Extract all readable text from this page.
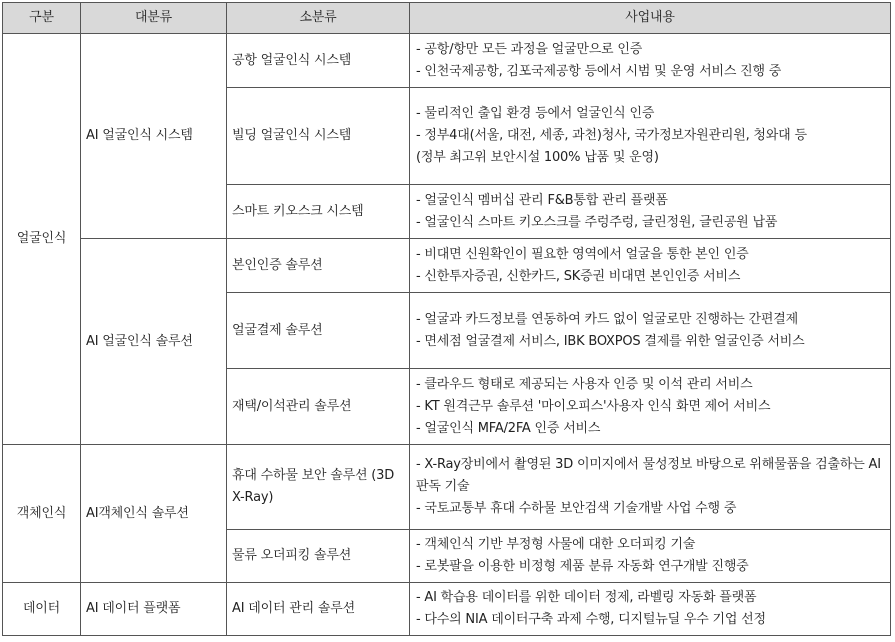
구분	대분류	소분류	사업내용
얼굴인식	AI 얼굴인식 시스템	공항 얼굴인식 시스템	- 공항/항만 모든 과정을 얼굴만으로 인증
- 인천국제공항, 김포국제공항 등에서 시범 및 운영 서비스 진행 중

		빌딩 얼굴인식 시스템	- 물리적인 출입 환경 등에서 얼굴인식 인증
- 정부4대(서울, 대전, 세종, 과천)청사, 국가정보자원관리원, 청와대 등
(정부 최고위 보안시설 100% 납품 및 운영)

		스마트 키오스크 시스템	- 얼굴인식 멤버십 관리 F&B통합 관리 플랫폼
- 얼굴인식 스마트 키오스크를 주렁주렁, 글린정원, 글린공원 납품

	AI 얼굴인식 솔루션	본인인증 솔루션	- 비대면 신원확인이 필요한 영역에서 얼굴을 통한 본인 인증
- 신한투자증권, 신한카드, SK증권 비대면 본인인증 서비스

		얼굴결제 솔루션	- 얼굴과 카드정보를 연동하여 카드 없이 얼굴로만 진행하는 간편결제
- 면세점 얼굴결제 서비스, IBK BOXPOS 결제를 위한 얼굴인증 서비스

		재택/이석관리 솔루션	- 클라우드 형태로 제공되는 사용자 인증 및 이석 관리 서비스
- KT 원격근무 솔루션 '마이오피스'사용자 인식 화면 제어 서비스
- 얼굴인식 MFA/2FA 인증 서비스

객체인식	AI객체인식 솔루션	휴대 수하물 보안 솔루션 (3D X-Ray)	- X-Ray장비에서 촬영된 3D 이미지에서 물성정보 바탕으로 위해물품을 검출하는 AI 판독 기술
- 국토교통부 휴대 수하물 보안검색 기술개발 사업 수행 중

		물류 오더피킹 솔루션	- 객체인식 기반 부정형 사물에 대한 오더피킹 기술
- 로봇팔을 이용한 비정형 제품 분류 자동화 연구개발 진행중

데이터	AI 데이터 플랫폼	AI 데이터 관리 솔루션	- AI 학습용 데이터를 위한 데이터 정제, 라벨링 자동화 플랫폼
- 다수의 NIA 데이터구축 과제 수행, 디지털뉴딜 우수 기업 선정
